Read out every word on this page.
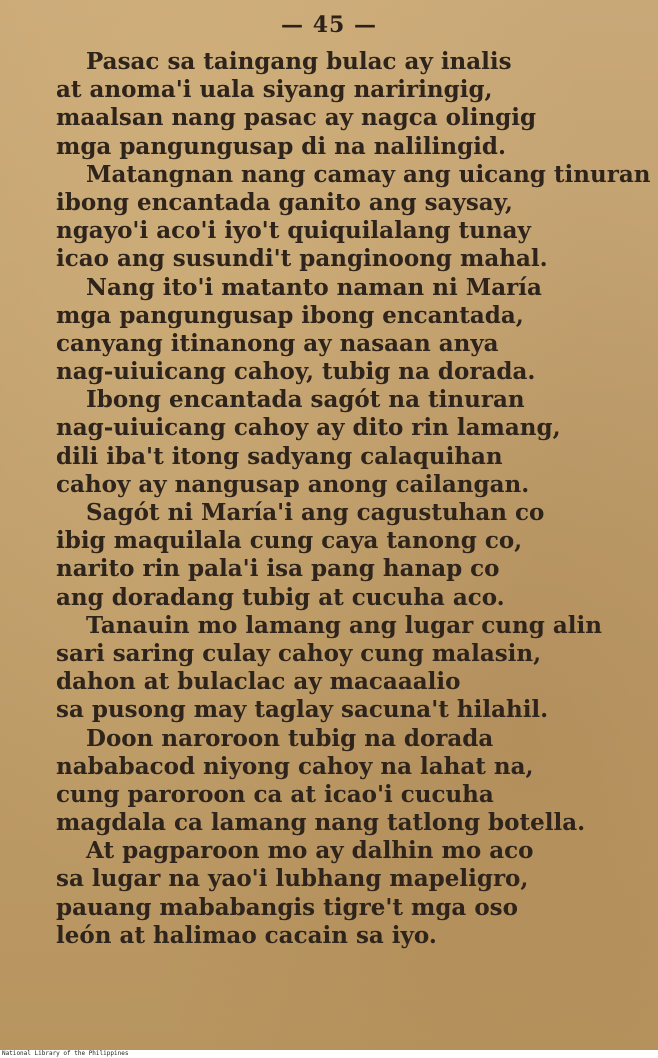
— 45 —
Pasac sa taingang bulac ay inalis
at anoma'i uala siyang nariringig,
maalsan nang pasac ay nagca olingig
mga pangungusap di na nalilingid.
Matangnan nang camay ang uicang tinuran
ibong encantada ganito ang saysay,
ngayo'i aco'i iyo't quiquilalang tunay
icao ang susundi't panginoong mahal.
Nang ito'i matanto naman ni María
mga pangungusap ibong encantada,
canyang itinanong ay nasaan anya
nag-uiuicang cahoy, tubig na dorada.
Ibong encantada sagót na tinuran
nag-uiuicang cahoy ay dito rin lamang,
dili iba't itong sadyang calaquihan
cahoy ay nangusap anong cailangan.
Sagót ni María'i ang cagustuhan co
ibig maquilala cung caya tanong co,
narito rin pala'i isa pang hanap co
ang doradang tubig at cucuha aco.
Tanauin mo lamang ang lugar cung alin
sari saring culay cahoy cung malasin,
dahon at bulaclac ay macaaalio
sa pusong may taglay sacuna't hilahil.
Doon naroroon tubig na dorada
nababacod niyong cahoy na lahat na,
cung paroroon ca at icao'i cucuha
magdala ca lamang nang tatlong botella.
At pagparoon mo ay dalhin mo aco
sa lugar na yao'i lubhang mapeligro,
pauang mababangis tigre't mga oso
león at halimao cacain sa iyo.
National Library of the Philippines
